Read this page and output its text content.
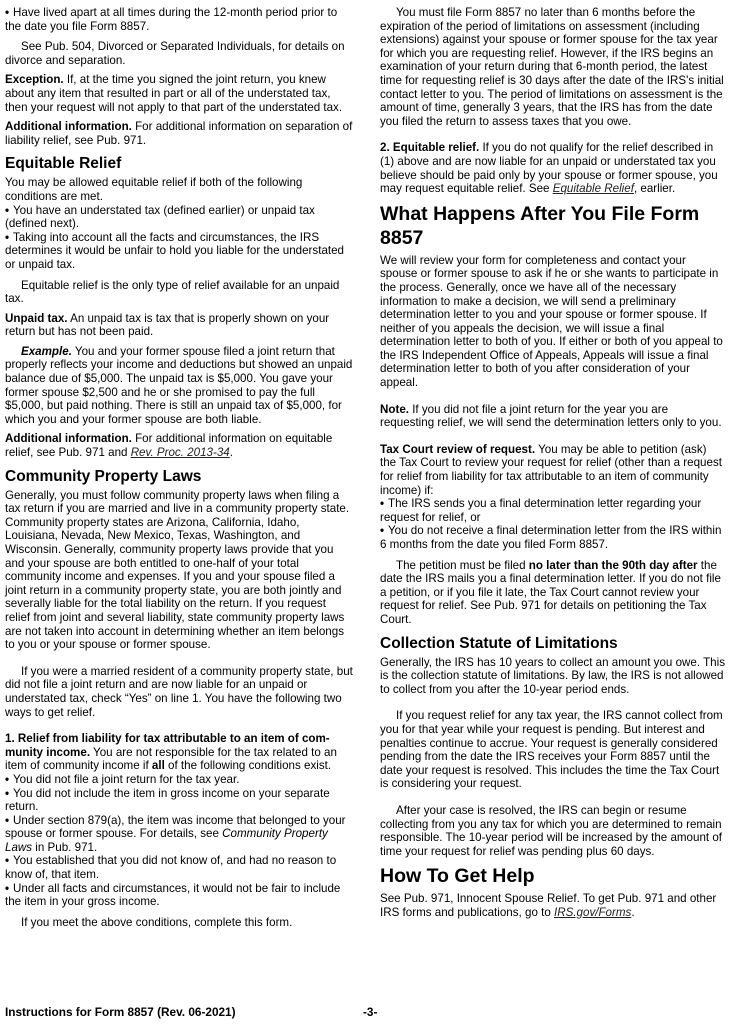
• Have lived apart at all times during the 12-month period prior to the date you file Form 8857.

See Pub. 504, Divorced or Separated Individuals, for details on divorce and separation.

Exception. If, at the time you signed the joint return, you knew about any item that resulted in part or all of the understated tax, then your request will not apply to that part of the understated tax.

Additional information. For additional information on separation of liability relief, see Pub. 971.

Equitable Relief

You may be allowed equitable relief if both of the following conditions are met.

• You have an understated tax (defined earlier) or unpaid tax (defined next).

• Taking into account all the facts and circumstances, the IRS determines it would be unfair to hold you liable for the understated or unpaid tax.

Equitable relief is the only type of relief available for an unpaid tax.

Unpaid tax. An unpaid tax is tax that is properly shown on your return but has not been paid.

Example. You and your former spouse filed a joint return that properly reflects your income and deductions but showed an unpaid balance due of $5,000. The unpaid tax is $5,000. You gave your former spouse $2,500 and he or she promised to pay the full $5,000, but paid nothing. There is still an unpaid tax of $5,000, for which you and your former spouse are both liable.

Additional information. For additional information on equitable relief, see Pub. 971 and Rev. Proc. 2013-34.

Community Property Laws

Generally, you must follow community property laws when filing a tax return if you are married and live in a community property state. Community property states are Arizona, California, Idaho, Louisiana, Nevada, New Mexico, Texas, Washington, and Wisconsin. Generally, community property laws provide that you and your spouse are both entitled to one-half of your total community income and expenses. If you and your spouse filed a joint return in a community property state, you are both jointly and severally liable for the total liability on the return. If you request relief from joint and several liability, state community property laws are not taken into account in determining whether an item belongs to you or your spouse or former spouse.

If you were a married resident of a community property state, but did not file a joint return and are now liable for an unpaid or understated tax, check “Yes” on line 1. You have the following two ways to get relief.

1. Relief from liability for tax attributable to an item of com-munity income. You are not responsible for the tax related to an item of community income if all of the following conditions exist.

• You did not file a joint return for the tax year.

• You did not include the item in gross income on your separate return.

• Under section 879(a), the item was income that belonged to your spouse or former spouse. For details, see Community Property Laws in Pub. 971.

• You established that you did not know of, and had no reason to know of, that item.

• Under all facts and circumstances, it would not be fair to include the item in your gross income.

If you meet the above conditions, complete this form.

You must file Form 8857 no later than 6 months before the expiration of the period of limitations on assessment (including extensions) against your spouse or former spouse for the tax year for which you are requesting relief. However, if the IRS begins an examination of your return during that 6-month period, the latest time for requesting relief is 30 days after the date of the IRS's initial contact letter to you. The period of limitations on assessment is the amount of time, generally 3 years, that the IRS has from the date you filed the return to assess taxes that you owe.

2. Equitable relief. If you do not qualify for the relief described in (1) above and are now liable for an unpaid or understated tax you believe should be paid only by your spouse or former spouse, you may request equitable relief. See Equitable Relief, earlier.

What Happens After You File Form 8857

We will review your form for completeness and contact your spouse or former spouse to ask if he or she wants to participate in the process. Generally, once we have all of the necessary information to make a decision, we will send a preliminary determination letter to you and your spouse or former spouse. If neither of you appeals the decision, we will issue a final determination letter to both of you. If either or both of you appeal to the IRS Independent Office of Appeals, Appeals will issue a final determination letter to both of you after consideration of your appeal.

Note. If you did not file a joint return for the year you are requesting relief, we will send the determination letters only to you.

Tax Court review of request. You may be able to petition (ask) the Tax Court to review your request for relief (other than a request for relief from liability for tax attributable to an item of community income) if:

• The IRS sends you a final determination letter regarding your request for relief, or

• You do not receive a final determination letter from the IRS within 6 months from the date you filed Form 8857.

The petition must be filed no later than the 90th day after the date the IRS mails you a final determination letter. If you do not file a petition, or if you file it late, the Tax Court cannot review your request for relief. See Pub. 971 for details on petitioning the Tax Court.

Collection Statute of Limitations

Generally, the IRS has 10 years to collect an amount you owe. This is the collection statute of limitations. By law, the IRS is not allowed to collect from you after the 10-year period ends.

If you request relief for any tax year, the IRS cannot collect from you for that year while your request is pending. But interest and penalties continue to accrue. Your request is generally considered pending from the date the IRS receives your Form 8857 until the date your request is resolved. This includes the time the Tax Court is considering your request.

After your case is resolved, the IRS can begin or resume collecting from you any tax for which you are determined to remain responsible. The 10-year period will be increased by the amount of time your request for relief was pending plus 60 days.

How To Get Help

See Pub. 971, Innocent Spouse Relief. To get Pub. 971 and other IRS forms and publications, go to IRS.gov/Forms.

Instructions for Form 8857 (Rev. 06-2021)	-3-
